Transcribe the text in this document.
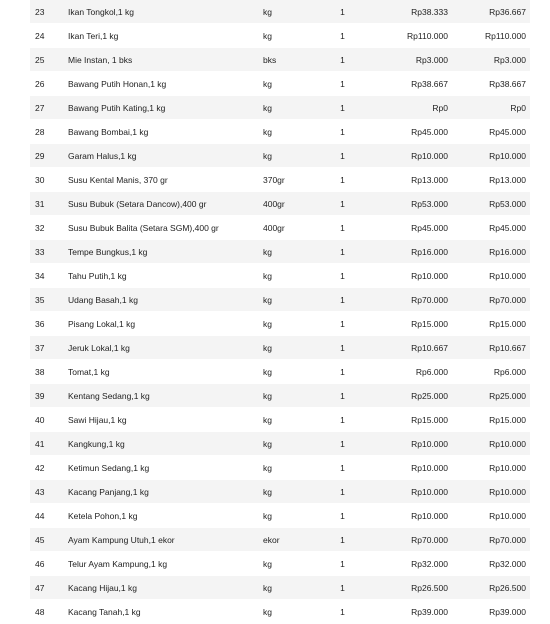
23	Ikan Tongkol,1 kg	kg	1	Rp38.333	Rp36.667
24	Ikan Teri,1 kg	kg	1	Rp110.000	Rp110.000
25	Mie Instan, 1 bks	bks	1	Rp3.000	Rp3.000
26	Bawang Putih Honan,1 kg	kg	1	Rp38.667	Rp38.667
27	Bawang Putih Kating,1 kg	kg	1	Rp0	Rp0
28	Bawang Bombai,1 kg	kg	1	Rp45.000	Rp45.000
29	Garam Halus,1 kg	kg	1	Rp10.000	Rp10.000
30	Susu Kental Manis, 370 gr	370gr	1	Rp13.000	Rp13.000
31	Susu Bubuk (Setara Dancow),400 gr	400gr	1	Rp53.000	Rp53.000
32	Susu Bubuk Balita (Setara SGM),400 gr	400gr	1	Rp45.000	Rp45.000
33	Tempe Bungkus,1 kg	kg	1	Rp16.000	Rp16.000
34	Tahu Putih,1 kg	kg	1	Rp10.000	Rp10.000
35	Udang Basah,1 kg	kg	1	Rp70.000	Rp70.000
36	Pisang Lokal,1 kg	kg	1	Rp15.000	Rp15.000
37	Jeruk Lokal,1 kg	kg	1	Rp10.667	Rp10.667
38	Tomat,1 kg	kg	1	Rp6.000	Rp6.000
39	Kentang Sedang,1 kg	kg	1	Rp25.000	Rp25.000
40	Sawi Hijau,1 kg	kg	1	Rp15.000	Rp15.000
41	Kangkung,1 kg	kg	1	Rp10.000	Rp10.000
42	Ketimun Sedang,1 kg	kg	1	Rp10.000	Rp10.000
43	Kacang Panjang,1 kg	kg	1	Rp10.000	Rp10.000
44	Ketela Pohon,1 kg	kg	1	Rp10.000	Rp10.000
45	Ayam Kampung Utuh,1 ekor	ekor	1	Rp70.000	Rp70.000
46	Telur Ayam Kampung,1 kg	kg	1	Rp32.000	Rp32.000
47	Kacang Hijau,1 kg	kg	1	Rp26.500	Rp26.500
48	Kacang Tanah,1 kg	kg	1	Rp39.000	Rp39.000
